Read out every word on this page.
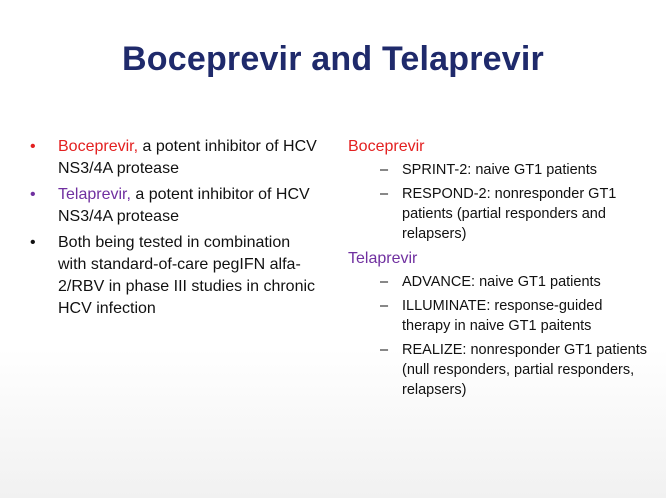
Boceprevir and Telaprevir
•	Boceprevir, a potent inhibitor of HCV NS3/4A protease
•	Telaprevir, a potent inhibitor of HCV NS3/4A protease
•	Both being tested in combination with standard-of-care pegIFN alfa-2/RBV in phase III studies in chronic HCV infection
Boceprevir
– SPRINT-2: naive GT1 patients
– RESPOND-2: nonresponder GT1 patients (partial responders and relapsers)
Telaprevir
– ADVANCE: naive GT1 patients
– ILLUMINATE: response-guided therapy in naive GT1 paitents
– REALIZE: nonresponder GT1 patients (null responders, partial responders, relapsers)
